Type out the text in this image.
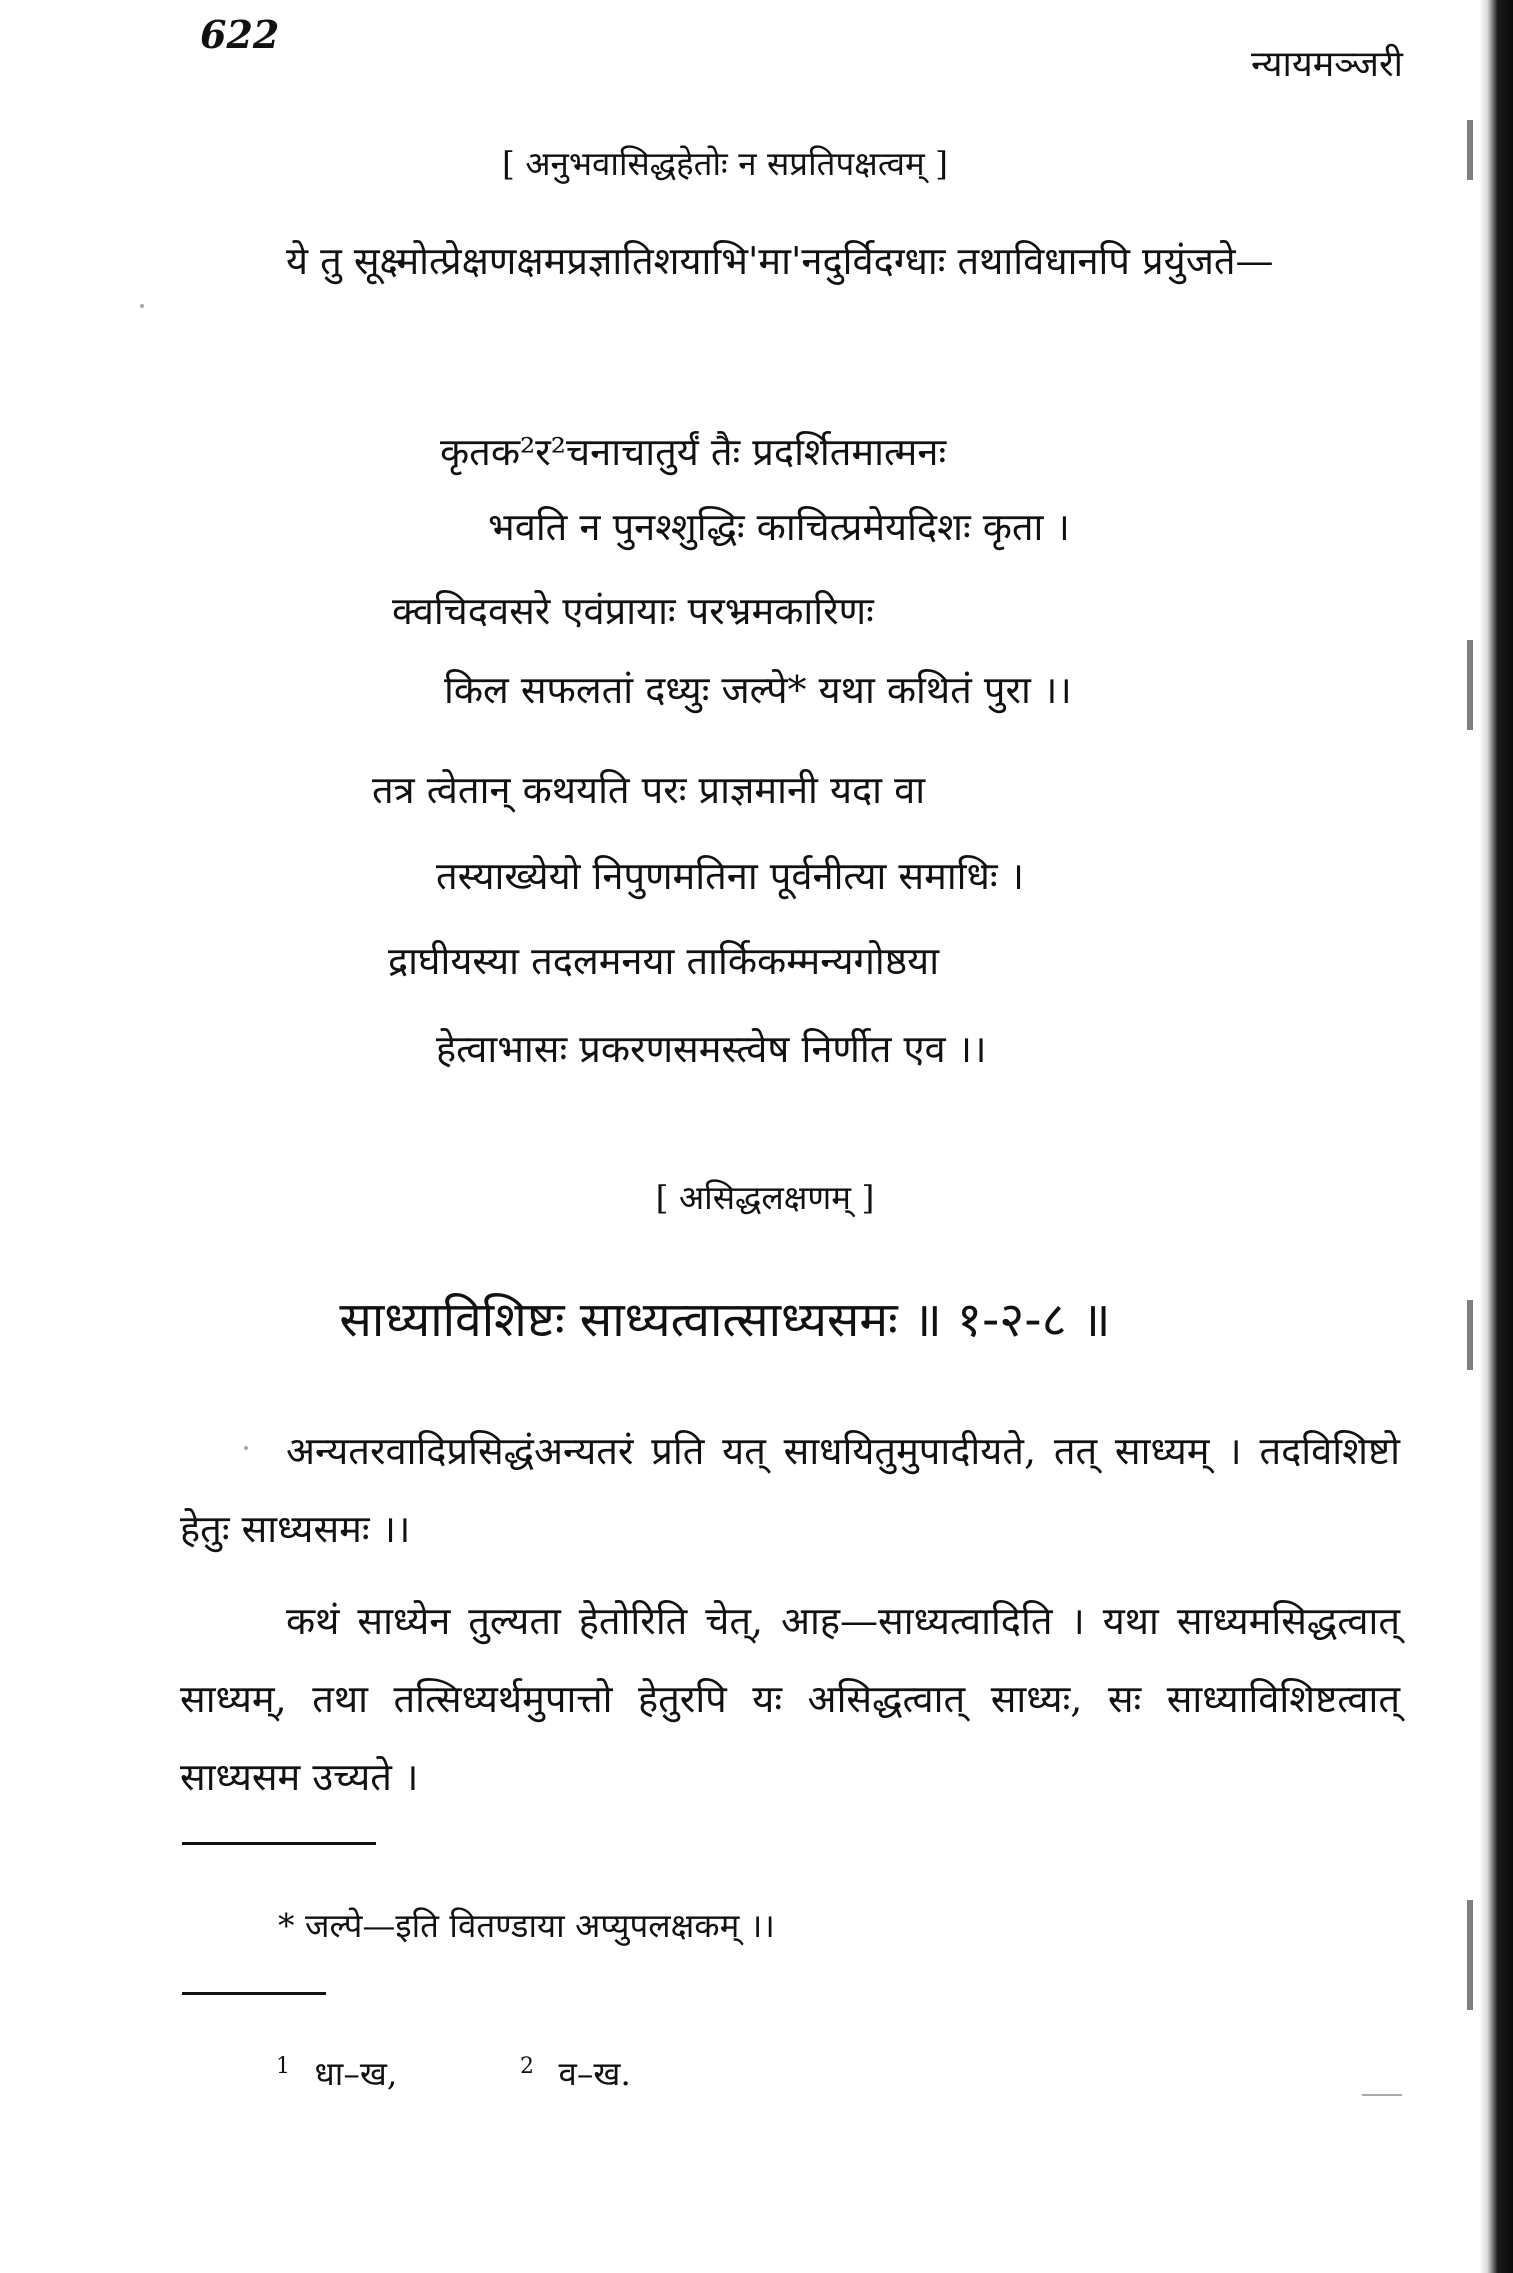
622
न्यायमञ्जरी
[ अनुभवासिद्धहेतोः न सप्रतिपक्षत्वम् ]
ये तु सूक्ष्मोत्प्रेक्षणक्षमप्रज्ञातिशयाभि'मा'नदुर्विदग्धाः तथाविधानपि प्रयुंजते—
कृतक²र²चनाचातुर्यं तैः प्रदर्शितमात्मनः
भवति न पुनश्शुद्धिः काचित्प्रमेयदिशः कृता ।
क्वचिदवसरे एवंप्रायाः परभ्रमकारिणः
किल सफलतां दध्युः जल्पे* यथा कथितं पुरा ।।
तत्र त्वेतान् कथयति परः प्राज्ञमानी यदा वा
तस्याख्येयो निपुणमतिना पूर्वनीत्या समाधिः ।
द्राघीयस्या तदलमनया तार्किकम्मन्यगोष्ठया
हेत्वाभासः प्रकरणसमस्त्वेष निर्णीत एव ।।
[ असिद्धलक्षणम् ]
साध्याविशिष्टः साध्यत्वात्साध्यसमः ॥ १-२-८ ॥
अन्यतरवादिप्रसिद्धंअन्यतरं प्रति यत् साधयितुमुपादीयते, तत् साध्यम् । तदविशिष्टो हेतुः साध्यसमः ।।
कथं साध्येन तुल्यता हेतोरिति चेत्, आह—साध्यत्वादिति । यथा साध्यमसिद्धत्वात् साध्यम्, तथा तत्सिध्यर्थमुपात्तो हेतुरपि यः असिद्धत्वात् साध्यः, सः साध्याविशिष्टत्वात् साध्यसम उच्यते ।
* जल्पे—इति वितण्डाया अप्युपलक्षकम् ।।
$^1$ धा–ख,	$^2$ व–ख.
